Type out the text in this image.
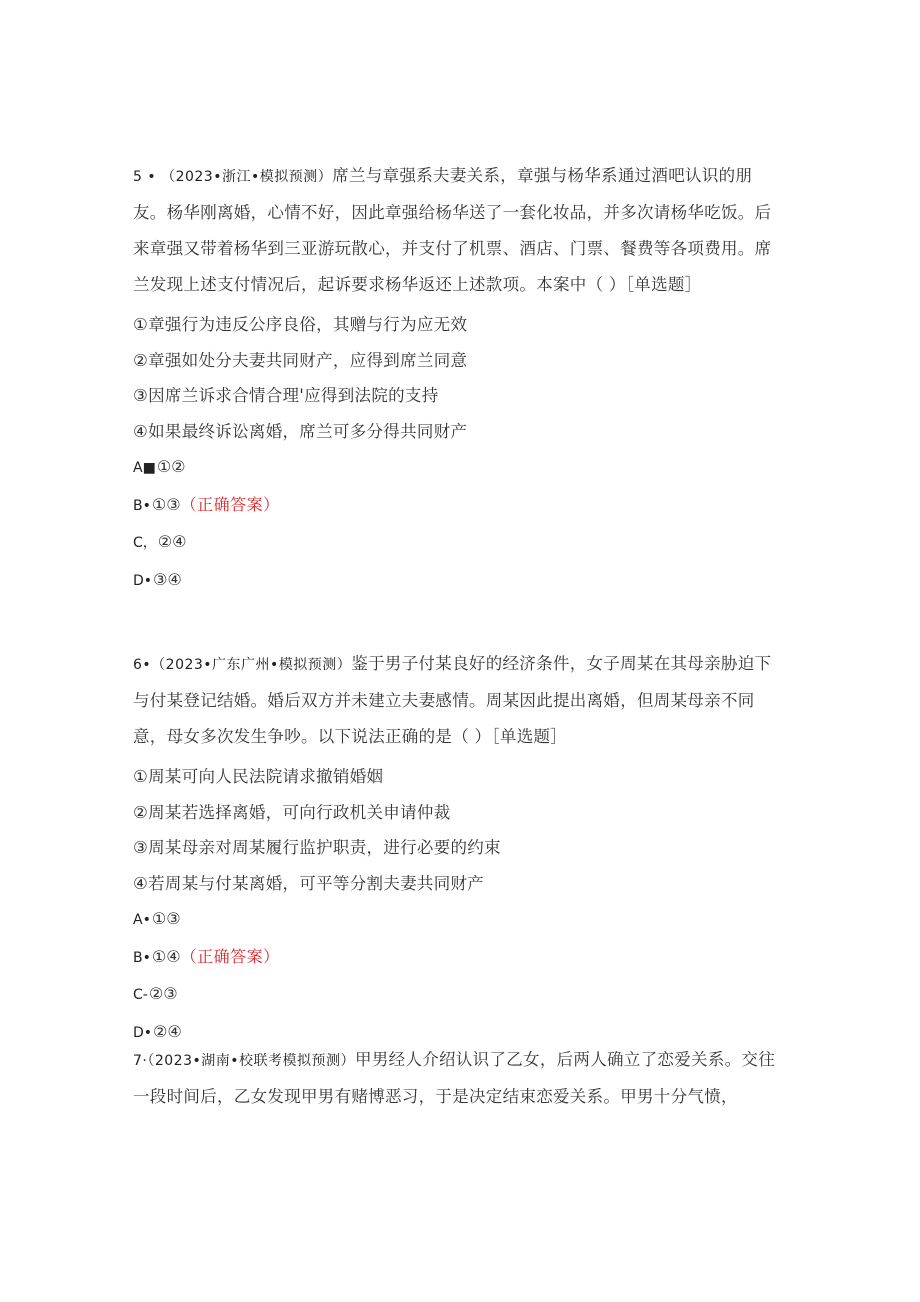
5 • （2023•浙江•模拟预测）席兰与章强系夫妻关系，章强与杨华系通过酒吧认识的朋友。杨华刚离婚，心情不好，因此章强给杨华送了一套化妆品，并多次请杨华吃饭。后来章强又带着杨华到三亚游玩散心，并支付了机票、酒店、门票、餐费等各项费用。席兰发现上述支付情况后，起诉要求杨华返还上述款项。本案中（ ）［单选题］

①章强行为违反公序良俗，其赠与行为应无效
②章强如处分夫妻共同财产，应得到席兰同意
③因席兰诉求合情合理'应得到法院的支持
④如果最终诉讼离婚，席兰可多分得共同财产
A■①②
B•①③（正确答案）
C，②④
D•③④

6•（2023•广东广州•模拟预测）鉴于男子付某良好的经济条件，女子周某在其母亲胁迫下与付某登记结婚。婚后双方并未建立夫妻感情。周某因此提出离婚，但周某母亲不同意，母女多次发生争吵。以下说法正确的是（ ）［单选题］

①周某可向人民法院请求撤销婚姻
②周某若选择离婚，可向行政机关申请仲裁
③周某母亲对周某履行监护职责，进行必要的约束
④若周某与付某离婚，可平等分割夫妻共同财产
A•①③
B•①④（正确答案）
C-②③
D•②④

7·（2023•湖南•校联考模拟预测）甲男经人介绍认识了乙女，后两人确立了恋爱关系。交往一段时间后，乙女发现甲男有赌博恶习，于是决定结束恋爱关系。甲男十分气愤，
